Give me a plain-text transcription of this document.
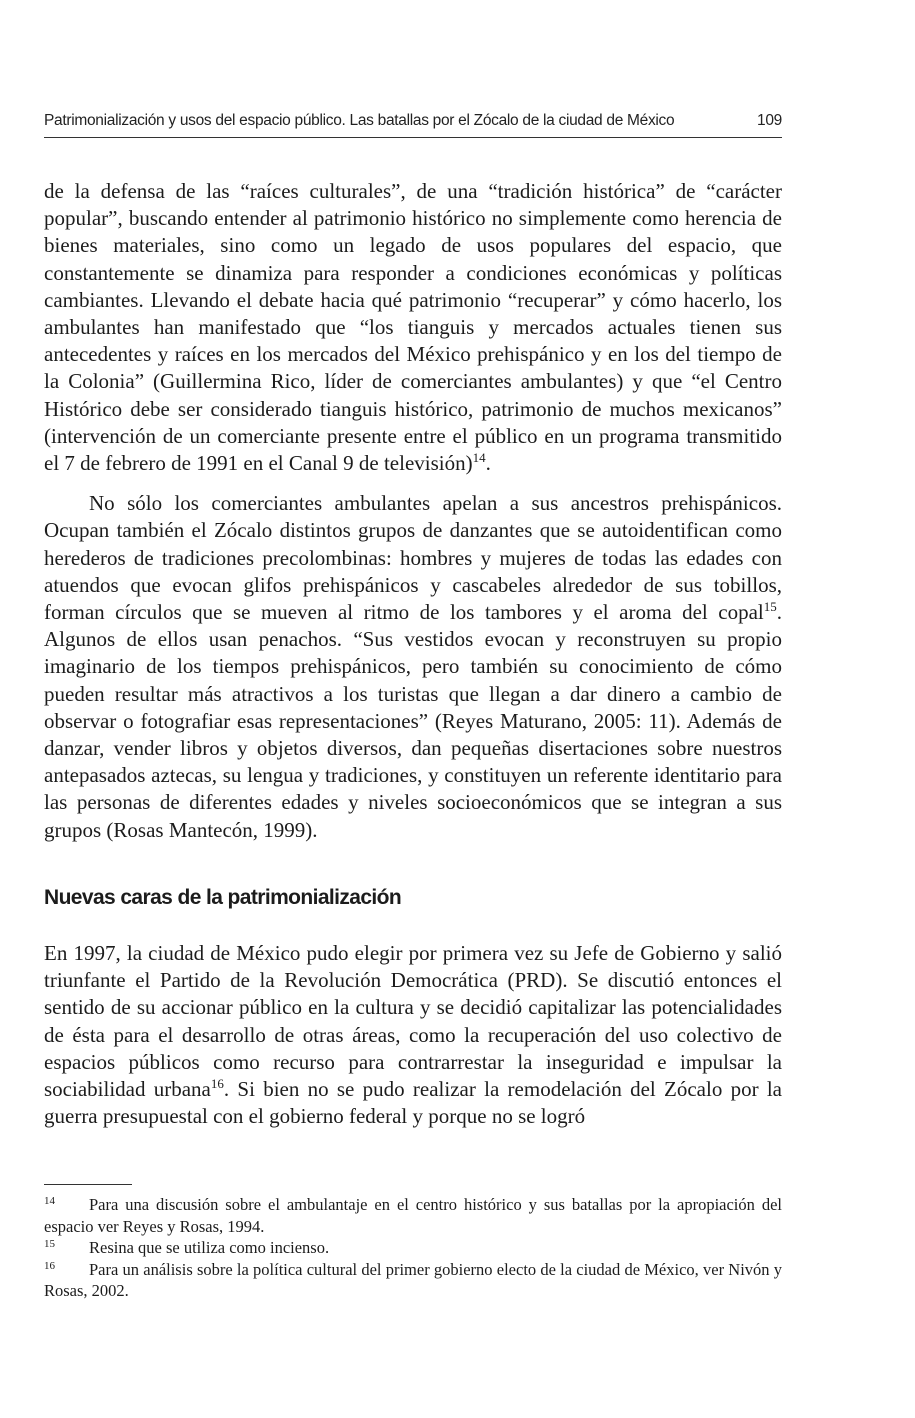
Patrimonialización y usos del espacio público. Las batallas por el Zócalo de la ciudad de México	109

de la defensa de las “raíces culturales”, de una “tradición histórica” de “carácter popular”, buscando entender al patrimonio histórico no simplemente como herencia de bienes materiales, sino como un legado de usos populares del espacio, que constantemente se dinamiza para responder a condiciones económicas y políticas cambiantes. Llevando el debate hacia qué patrimonio “recuperar” y cómo hacerlo, los ambulantes han manifestado que “los tianguis y mercados actuales tienen sus antecedentes y raíces en los mercados del México prehispánico y en los del tiempo de la Colonia” (Guillermina Rico, líder de comerciantes ambulantes) y que “el Centro Histórico debe ser considerado tianguis histórico, patrimonio de muchos mexicanos” (intervención de un comerciante presente entre el público en un programa transmitido el 7 de febrero de 1991 en el Canal 9 de televisión)$^{14}$.

No sólo los comerciantes ambulantes apelan a sus ancestros prehispánicos. Ocupan también el Zócalo distintos grupos de danzantes que se autoidentifican como herederos de tradiciones precolombinas: hombres y mujeres de todas las edades con atuendos que evocan glifos prehispánicos y cascabeles alrededor de sus tobillos, forman círculos que se mueven al ritmo de los tambores y el aroma del copal$^{15}$. Algunos de ellos usan penachos. “Sus vestidos evocan y reconstruyen su propio imaginario de los tiempos prehispánicos, pero también su conocimiento de cómo pueden resultar más atractivos a los turistas que llegan a dar dinero a cambio de observar o fotografiar esas representaciones” (Reyes Maturano, 2005: 11). Además de danzar, vender libros y objetos diversos, dan pequeñas disertaciones sobre nuestros antepasados aztecas, su lengua y tradiciones, y constituyen un referente identitario para las personas de diferentes edades y niveles socioeconómicos que se integran a sus grupos (Rosas Mantecón, 1999).

Nuevas caras de la patrimonialización

En 1997, la ciudad de México pudo elegir por primera vez su Jefe de Gobierno y salió triunfante el Partido de la Revolución Democrática (PRD). Se discutió entonces el sentido de su accionar público en la cultura y se decidió capitalizar las potencialidades de ésta para el desarrollo de otras áreas, como la recuperación del uso colectivo de espacios públicos como recurso para contrarrestar la inseguridad e impulsar la sociabilidad urbana$^{16}$. Si bien no se pudo realizar la remodelación del Zócalo por la guerra presupuestal con el gobierno federal y porque no se logró

14 Para una discusión sobre el ambulantaje en el centro histórico y sus batallas por la apropiación del espacio ver Reyes y Rosas, 1994.

15 Resina que se utiliza como incienso.

16 Para un análisis sobre la política cultural del primer gobierno electo de la ciudad de México, ver Nivón y Rosas, 2002.
